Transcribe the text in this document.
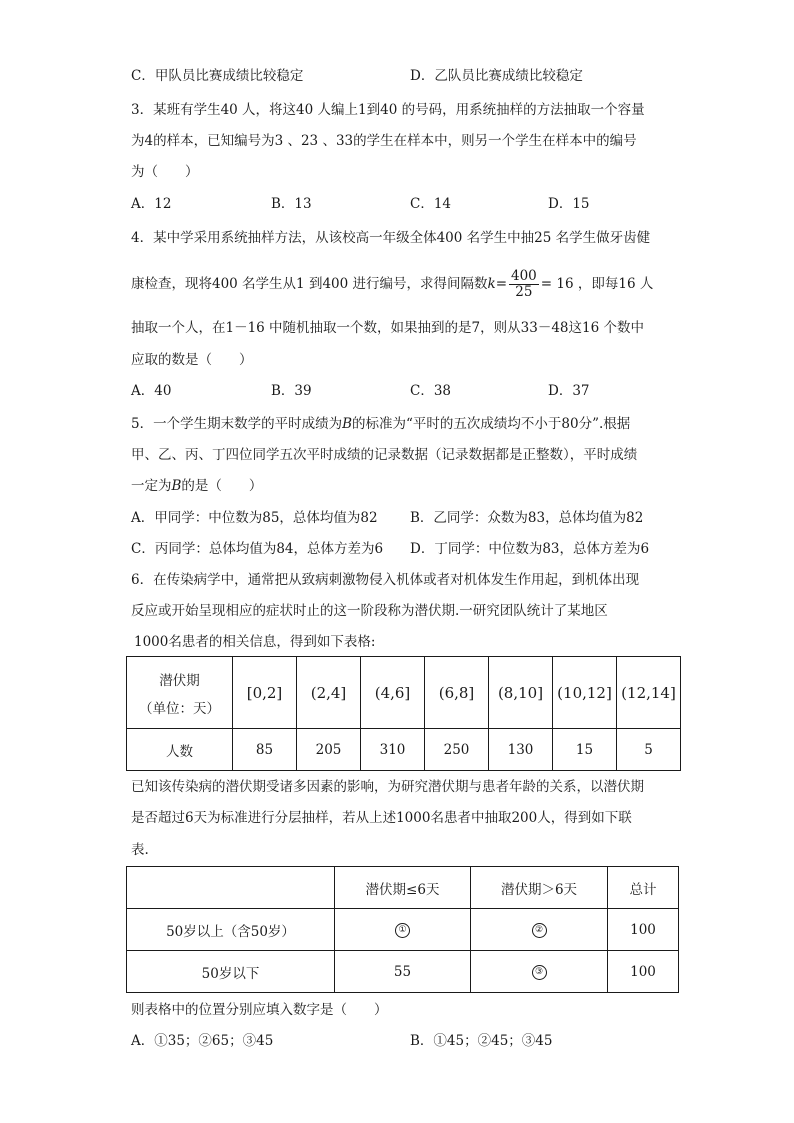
C．甲队员比赛成绩比较稳定	D．乙队员比赛成绩比较稳定
3．某班有学生40 人，将这40 人编上1到40 的号码，用系统抽样的方法抽取一个容量
为4的样本，已知编号为3 、23 、33的学生在样本中，则另一个学生在样本中的编号
为（　　）
A．12	B．13	C．14	D．15
4．某中学采用系统抽样方法，从该校高一年级全体400 名学生中抽25 名学生做牙齿健
康检查，现将400 名学生从1 到400 进行编号，求得间隔数$k= \frac{400}{25} = 16$ ，即每16 人
抽取一个人，在1－16 中随机抽取一个数，如果抽到的是7，则从33－48这16 个数中
应取的数是（　　）
A．40	B．39	C．38	D．37
5．一个学生期末数学的平时成绩为B的标准为“平时的五次成绩均不小于80分”.根据
甲、乙、丙、丁四位同学五次平时成绩的记录数据（记录数据都是正整数），平时成绩
一定为B的是（　　）
A．甲同学：中位数为85，总体均值为82 B．乙同学：众数为83，总体均值为82
C．丙同学：总体均值为84，总体方差为6 D．丁同学：中位数为83，总体方差为6
6．在传染病学中，通常把从致病刺激物侵入机体或者对机体发生作用起，到机体出现
反应或开始呈现相应的症状时止的这一阶段称为潜伏期.一研究团队统计了某地区
1000名患者的相关信息，得到如下表格:
潜伏期
（单位：天）	[0,2]	(2,4]	(4,6]	(6,8]	(8,10]	(10,12]	(12,14]
人数	85	205	310	250	130	15	5
已知该传染病的潜伏期受诸多因素的影响，为研究潜伏期与患者年龄的关系，以潜伏期
是否超过6天为标准进行分层抽样，若从上述1000名患者中抽取200人，得到如下联
表.
	潜伏期≤6天	潜伏期＞6天	总计
50岁以上（含50岁）	①	②	100
50岁以下	55	③	100
则表格中的位置分别应填入数字是（　　）
A．①35；②65；③45	B．①45；②45；③45
